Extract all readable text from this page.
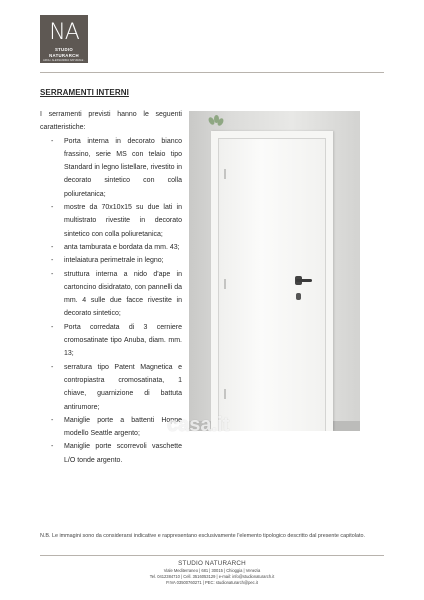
NA
STUDIO NATURARCH
ARCH. ALESSANDRA NATURALE · INTERIOR
SERRAMENTI INTERNI

I serramenti previsti hanno le seguenti caratteristiche:

- Porta interna in decorato bianco frassino, serie MS con telaio tipo Standard in legno listellare, rivestito in decorato sintetico con colla poliuretanica;
- mostre da 70x10x15 su due lati in multistrato rivestite in decorato sintetico con colla poliuretanica;
- anta tamburata e bordata da mm. 43;
- intelaiatura perimetrale in legno;
- struttura interna a nido d'ape in cartoncino disidratato, con pannelli da mm. 4 sulle due facce rivestite in decorato sintetico;
- Porta corredata di 3 cerniere cromosatinate tipo Anuba, diam. mm. 13;
- serratura tipo Patent Magnetica e contropiastra cromosatinata, 1 chiave, guarnizione di battuta antirumore;
- Maniglie porte a battenti Hoppe modello Seattle argento;
- Maniglie porte scorrevoli vaschette L/O tonde argento.
casa.it
N.B. Le immagini sono da considerarsi indicative e rappresentano esclusivamente l'elemento tipologico descritto dal presente capitolato.
STUDIO NATURARCH
Viale Mediterraneo | 681 | 30015 | Chioggia | Venezia
Tel. 0412384710 | Cell. 3516053129 | e-mail: info@studionaturarch.it
P.IVA 03500760271 | PEC: studionaturarch@pec.it
